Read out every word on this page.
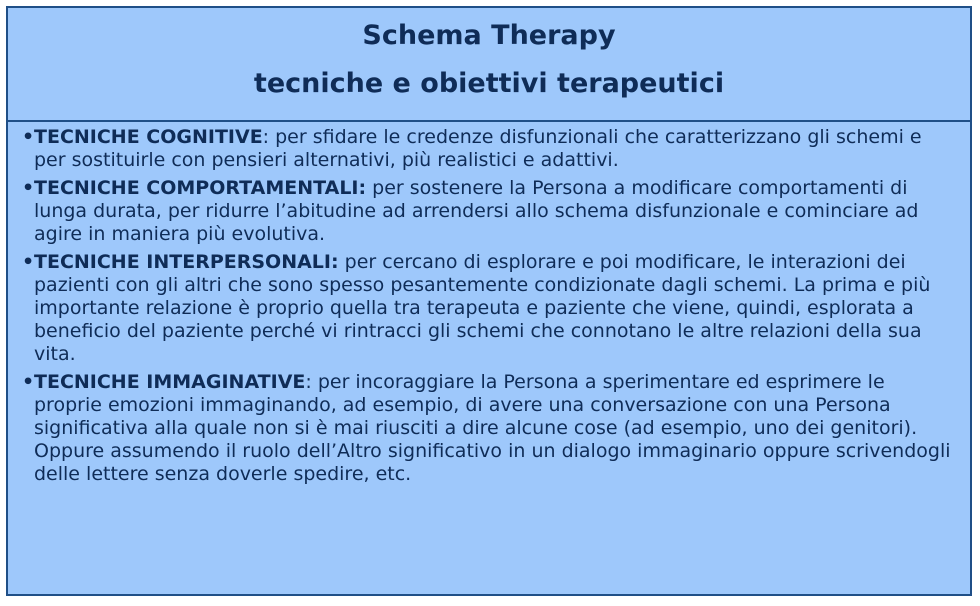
Schema Therapy
tecniche e obiettivi terapeutici
• TECNICHE COGNITIVE: per sfidare le credenze disfunzionali che caratterizzano gli schemi e per sostituirle con pensieri alternativi, più realistici e adattivi.
• TECNICHE COMPORTAMENTALI: per sostenere la Persona a modificare comportamenti di lunga durata, per ridurre l’abitudine ad arrendersi allo schema disfunzionale e cominciare ad agire in maniera più evolutiva.
• TECNICHE INTERPERSONALI: per cercano di esplorare e poi modificare, le interazioni dei pazienti con gli altri che sono spesso pesantemente condizionate dagli schemi. La prima e più importante relazione è proprio quella tra terapeuta e paziente che viene, quindi, esplorata a beneficio del paziente perché vi rintracci gli schemi che connotano le altre relazioni della sua vita.
• TECNICHE IMMAGINATIVE: per incoraggiare la Persona a sperimentare ed esprimere le proprie emozioni immaginando, ad esempio, di avere una conversazione con una Persona significativa alla quale non si è mai riusciti a dire alcune cose (ad esempio, uno dei genitori). Oppure assumendo il ruolo dell’Altro significativo in un dialogo immaginario oppure scrivendogli delle lettere senza doverle spedire, etc.
